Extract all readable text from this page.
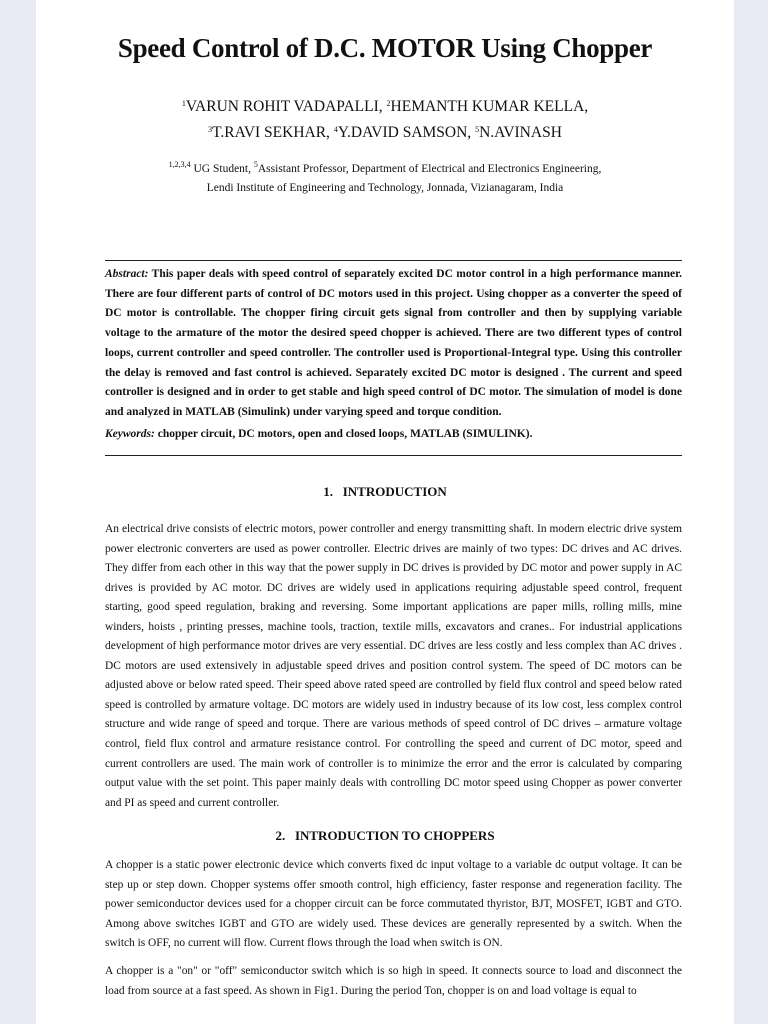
Speed Control of D.C. MOTOR Using Chopper
$^1$VARUN ROHIT VADAPALLI, $^2$HEMANTH KUMAR KELLA,
$^3$T.RAVI SEKHAR, $^4$Y.DAVID SAMSON, $^5$N.AVINASH
$^{1,2,3,4}$ UG Student, $^5$Assistant Professor, Department of Electrical and Electronics Engineering,
Lendi Institute of Engineering and Technology, Jonnada, Vizianagaram, India
Abstract: This paper deals with speed control of separately excited DC motor control in a high performance manner. There are four different parts of control of DC motors used in this project. Using chopper as a converter the speed of DC motor is controllable. The chopper firing circuit gets signal from controller and then by supplying variable voltage to the armature of the motor the desired speed chopper is achieved. There are two different types of control loops, current controller and speed controller. The controller used is Proportional-Integral type. Using this controller the delay is removed and fast control is achieved. Separately excited DC motor is designed . The current and speed controller is designed and in order to get stable and high speed control of DC motor. The simulation of model is done and analyzed in MATLAB (Simulink) under varying speed and torque condition.
Keywords: chopper circuit, DC motors, open and closed loops, MATLAB (SIMULINK).
1.   INTRODUCTION
An electrical drive consists of electric motors, power controller and energy transmitting shaft. In modern electric drive system power electronic converters are used as power controller. Electric drives are mainly of two types: DC drives and AC drives. They differ from each other in this way that the power supply in DC drives is provided by DC motor and power supply in AC drives is provided by AC motor. DC drives are widely used in applications requiring adjustable speed control, frequent starting, good speed regulation, braking and reversing. Some important applications are paper mills, rolling mills, mine winders, hoists , printing presses, machine tools, traction, textile mills, excavators and cranes.. For industrial applications development of high performance motor drives are very essential. DC drives are less costly and less complex than AC drives . DC motors are used extensively in adjustable speed drives and position control system. The speed of DC motors can be adjusted above or below rated speed. Their speed above rated speed are controlled by field flux control and speed below rated speed is controlled by armature voltage. DC motors are widely used in industry because of its low cost, less complex control structure and wide range of speed and torque. There are various methods of speed control of DC drives – armature voltage control, field flux control and armature resistance control. For controlling the speed and current of DC motor, speed and current controllers are used. The main work of controller is to minimize the error and the error is calculated by comparing output value with the set point. This paper mainly deals with controlling DC motor speed using Chopper as power converter and PI as speed and current controller.
2.   INTRODUCTION TO CHOPPERS
A chopper is a static power electronic device which converts fixed dc input voltage to a variable dc output voltage. It can be step up or step down. Chopper systems offer smooth control, high efficiency, faster response and regeneration facility. The power semiconductor devices used for a chopper circuit can be force commutated thyristor, BJT, MOSFET, IGBT and GTO. Among above switches IGBT and GTO are widely used. These devices are generally represented by a switch. When the switch is OFF, no current will flow. Current flows through the load when switch is ON.
A chopper is a "on" or "off" semiconductor switch which is so high in speed. It connects source to load and disconnect the load from source at a fast speed. As shown in Fig1. During the period Ton, chopper is on and load voltage is equal to
